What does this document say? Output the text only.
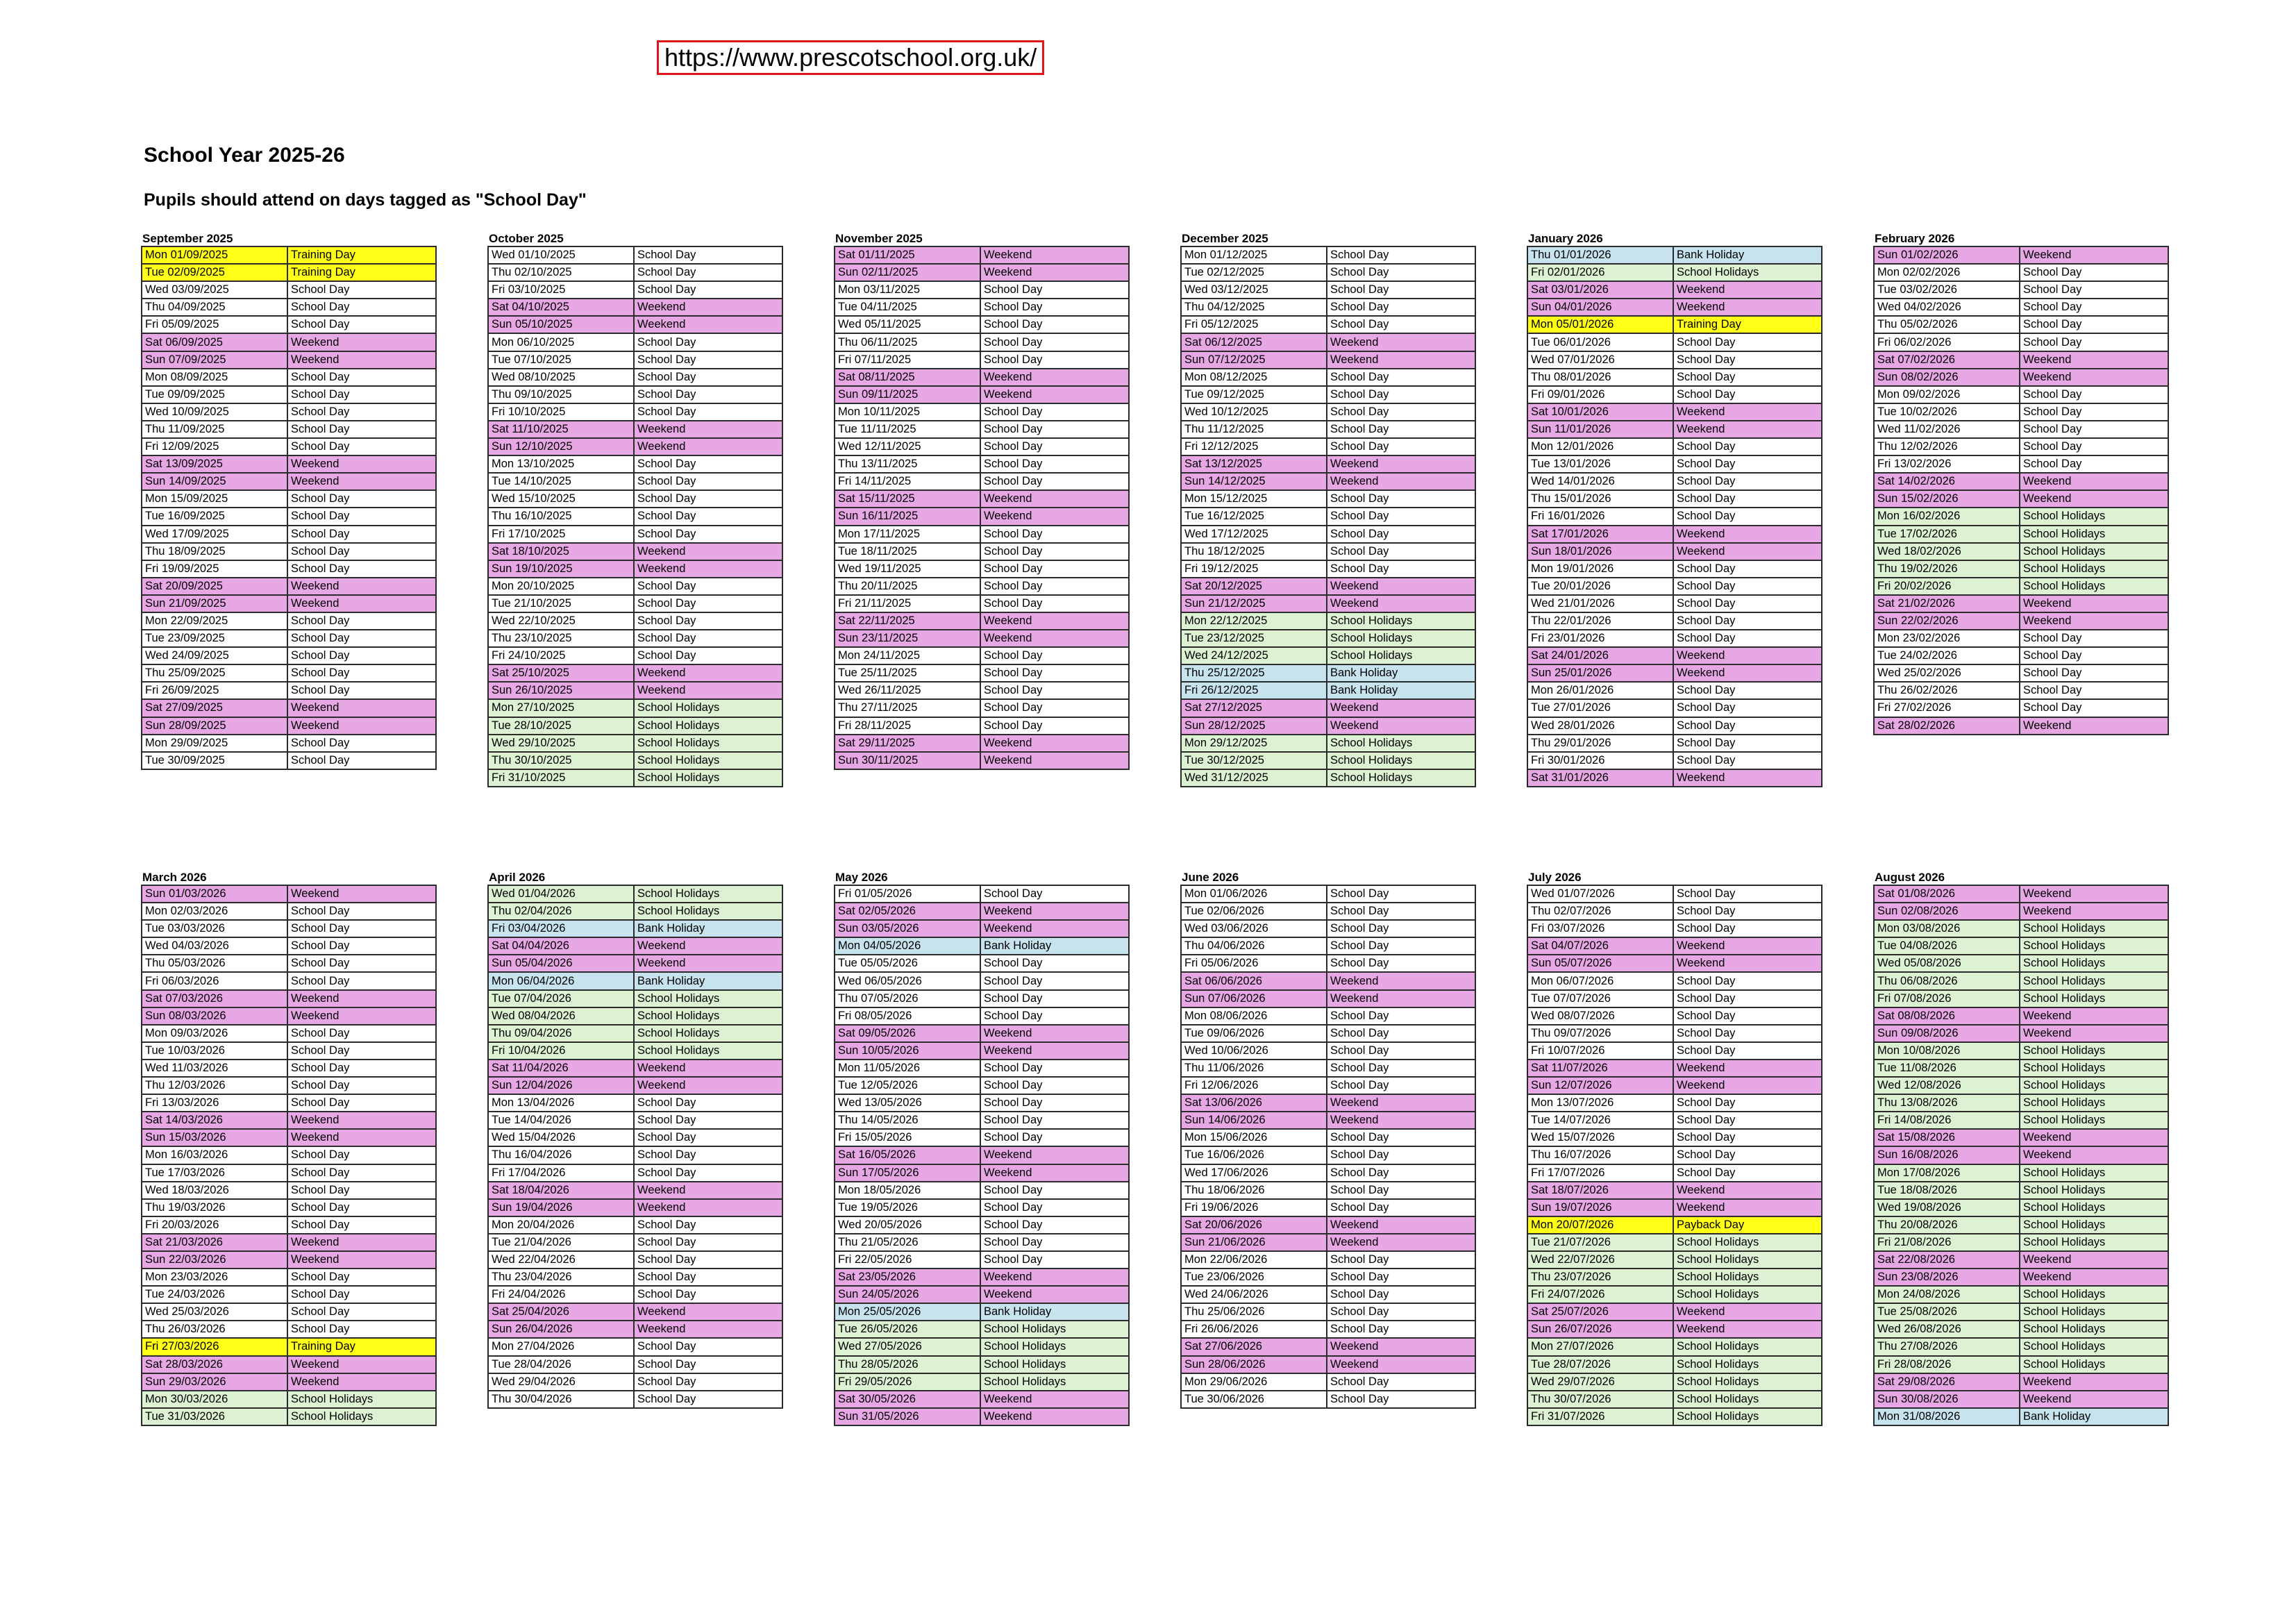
https://www.prescotschool.org.uk/
School Year 2025-26
Pupils should attend on days tagged as "School Day"
September 2025
Mon 01/09/2025	Training Day
Tue 02/09/2025	Training Day
Wed 03/09/2025	School Day
Thu 04/09/2025	School Day
Fri 05/09/2025	School Day
Sat 06/09/2025	Weekend
Sun 07/09/2025	Weekend
Mon 08/09/2025	School Day
Tue 09/09/2025	School Day
Wed 10/09/2025	School Day
Thu 11/09/2025	School Day
Fri 12/09/2025	School Day
Sat 13/09/2025	Weekend
Sun 14/09/2025	Weekend
Mon 15/09/2025	School Day
Tue 16/09/2025	School Day
Wed 17/09/2025	School Day
Thu 18/09/2025	School Day
Fri 19/09/2025	School Day
Sat 20/09/2025	Weekend
Sun 21/09/2025	Weekend
Mon 22/09/2025	School Day
Tue 23/09/2025	School Day
Wed 24/09/2025	School Day
Thu 25/09/2025	School Day
Fri 26/09/2025	School Day
Sat 27/09/2025	Weekend
Sun 28/09/2025	Weekend
Mon 29/09/2025	School Day
Tue 30/09/2025	School Day
October 2025
Wed 01/10/2025	School Day
Thu 02/10/2025	School Day
Fri 03/10/2025	School Day
Sat 04/10/2025	Weekend
Sun 05/10/2025	Weekend
Mon 06/10/2025	School Day
Tue 07/10/2025	School Day
Wed 08/10/2025	School Day
Thu 09/10/2025	School Day
Fri 10/10/2025	School Day
Sat 11/10/2025	Weekend
Sun 12/10/2025	Weekend
Mon 13/10/2025	School Day
Tue 14/10/2025	School Day
Wed 15/10/2025	School Day
Thu 16/10/2025	School Day
Fri 17/10/2025	School Day
Sat 18/10/2025	Weekend
Sun 19/10/2025	Weekend
Mon 20/10/2025	School Day
Tue 21/10/2025	School Day
Wed 22/10/2025	School Day
Thu 23/10/2025	School Day
Fri 24/10/2025	School Day
Sat 25/10/2025	Weekend
Sun 26/10/2025	Weekend
Mon 27/10/2025	School Holidays
Tue 28/10/2025	School Holidays
Wed 29/10/2025	School Holidays
Thu 30/10/2025	School Holidays
Fri 31/10/2025	School Holidays
November 2025
Sat 01/11/2025	Weekend
Sun 02/11/2025	Weekend
Mon 03/11/2025	School Day
Tue 04/11/2025	School Day
Wed 05/11/2025	School Day
Thu 06/11/2025	School Day
Fri 07/11/2025	School Day
Sat 08/11/2025	Weekend
Sun 09/11/2025	Weekend
Mon 10/11/2025	School Day
Tue 11/11/2025	School Day
Wed 12/11/2025	School Day
Thu 13/11/2025	School Day
Fri 14/11/2025	School Day
Sat 15/11/2025	Weekend
Sun 16/11/2025	Weekend
Mon 17/11/2025	School Day
Tue 18/11/2025	School Day
Wed 19/11/2025	School Day
Thu 20/11/2025	School Day
Fri 21/11/2025	School Day
Sat 22/11/2025	Weekend
Sun 23/11/2025	Weekend
Mon 24/11/2025	School Day
Tue 25/11/2025	School Day
Wed 26/11/2025	School Day
Thu 27/11/2025	School Day
Fri 28/11/2025	School Day
Sat 29/11/2025	Weekend
Sun 30/11/2025	Weekend
December 2025
Mon 01/12/2025	School Day
Tue 02/12/2025	School Day
Wed 03/12/2025	School Day
Thu 04/12/2025	School Day
Fri 05/12/2025	School Day
Sat 06/12/2025	Weekend
Sun 07/12/2025	Weekend
Mon 08/12/2025	School Day
Tue 09/12/2025	School Day
Wed 10/12/2025	School Day
Thu 11/12/2025	School Day
Fri 12/12/2025	School Day
Sat 13/12/2025	Weekend
Sun 14/12/2025	Weekend
Mon 15/12/2025	School Day
Tue 16/12/2025	School Day
Wed 17/12/2025	School Day
Thu 18/12/2025	School Day
Fri 19/12/2025	School Day
Sat 20/12/2025	Weekend
Sun 21/12/2025	Weekend
Mon 22/12/2025	School Holidays
Tue 23/12/2025	School Holidays
Wed 24/12/2025	School Holidays
Thu 25/12/2025	Bank Holiday
Fri 26/12/2025	Bank Holiday
Sat 27/12/2025	Weekend
Sun 28/12/2025	Weekend
Mon 29/12/2025	School Holidays
Tue 30/12/2025	School Holidays
Wed 31/12/2025	School Holidays
January 2026
Thu 01/01/2026	Bank Holiday
Fri 02/01/2026	School Holidays
Sat 03/01/2026	Weekend
Sun 04/01/2026	Weekend
Mon 05/01/2026	Training Day
Tue 06/01/2026	School Day
Wed 07/01/2026	School Day
Thu 08/01/2026	School Day
Fri 09/01/2026	School Day
Sat 10/01/2026	Weekend
Sun 11/01/2026	Weekend
Mon 12/01/2026	School Day
Tue 13/01/2026	School Day
Wed 14/01/2026	School Day
Thu 15/01/2026	School Day
Fri 16/01/2026	School Day
Sat 17/01/2026	Weekend
Sun 18/01/2026	Weekend
Mon 19/01/2026	School Day
Tue 20/01/2026	School Day
Wed 21/01/2026	School Day
Thu 22/01/2026	School Day
Fri 23/01/2026	School Day
Sat 24/01/2026	Weekend
Sun 25/01/2026	Weekend
Mon 26/01/2026	School Day
Tue 27/01/2026	School Day
Wed 28/01/2026	School Day
Thu 29/01/2026	School Day
Fri 30/01/2026	School Day
Sat 31/01/2026	Weekend
February 2026
Sun 01/02/2026	Weekend
Mon 02/02/2026	School Day
Tue 03/02/2026	School Day
Wed 04/02/2026	School Day
Thu 05/02/2026	School Day
Fri 06/02/2026	School Day
Sat 07/02/2026	Weekend
Sun 08/02/2026	Weekend
Mon 09/02/2026	School Day
Tue 10/02/2026	School Day
Wed 11/02/2026	School Day
Thu 12/02/2026	School Day
Fri 13/02/2026	School Day
Sat 14/02/2026	Weekend
Sun 15/02/2026	Weekend
Mon 16/02/2026	School Holidays
Tue 17/02/2026	School Holidays
Wed 18/02/2026	School Holidays
Thu 19/02/2026	School Holidays
Fri 20/02/2026	School Holidays
Sat 21/02/2026	Weekend
Sun 22/02/2026	Weekend
Mon 23/02/2026	School Day
Tue 24/02/2026	School Day
Wed 25/02/2026	School Day
Thu 26/02/2026	School Day
Fri 27/02/2026	School Day
Sat 28/02/2026	Weekend
March 2026
Sun 01/03/2026	Weekend
Mon 02/03/2026	School Day
Tue 03/03/2026	School Day
Wed 04/03/2026	School Day
Thu 05/03/2026	School Day
Fri 06/03/2026	School Day
Sat 07/03/2026	Weekend
Sun 08/03/2026	Weekend
Mon 09/03/2026	School Day
Tue 10/03/2026	School Day
Wed 11/03/2026	School Day
Thu 12/03/2026	School Day
Fri 13/03/2026	School Day
Sat 14/03/2026	Weekend
Sun 15/03/2026	Weekend
Mon 16/03/2026	School Day
Tue 17/03/2026	School Day
Wed 18/03/2026	School Day
Thu 19/03/2026	School Day
Fri 20/03/2026	School Day
Sat 21/03/2026	Weekend
Sun 22/03/2026	Weekend
Mon 23/03/2026	School Day
Tue 24/03/2026	School Day
Wed 25/03/2026	School Day
Thu 26/03/2026	School Day
Fri 27/03/2026	Training Day
Sat 28/03/2026	Weekend
Sun 29/03/2026	Weekend
Mon 30/03/2026	School Holidays
Tue 31/03/2026	School Holidays
April 2026
Wed 01/04/2026	School Holidays
Thu 02/04/2026	School Holidays
Fri 03/04/2026	Bank Holiday
Sat 04/04/2026	Weekend
Sun 05/04/2026	Weekend
Mon 06/04/2026	Bank Holiday
Tue 07/04/2026	School Holidays
Wed 08/04/2026	School Holidays
Thu 09/04/2026	School Holidays
Fri 10/04/2026	School Holidays
Sat 11/04/2026	Weekend
Sun 12/04/2026	Weekend
Mon 13/04/2026	School Day
Tue 14/04/2026	School Day
Wed 15/04/2026	School Day
Thu 16/04/2026	School Day
Fri 17/04/2026	School Day
Sat 18/04/2026	Weekend
Sun 19/04/2026	Weekend
Mon 20/04/2026	School Day
Tue 21/04/2026	School Day
Wed 22/04/2026	School Day
Thu 23/04/2026	School Day
Fri 24/04/2026	School Day
Sat 25/04/2026	Weekend
Sun 26/04/2026	Weekend
Mon 27/04/2026	School Day
Tue 28/04/2026	School Day
Wed 29/04/2026	School Day
Thu 30/04/2026	School Day
May 2026
Fri 01/05/2026	School Day
Sat 02/05/2026	Weekend
Sun 03/05/2026	Weekend
Mon 04/05/2026	Bank Holiday
Tue 05/05/2026	School Day
Wed 06/05/2026	School Day
Thu 07/05/2026	School Day
Fri 08/05/2026	School Day
Sat 09/05/2026	Weekend
Sun 10/05/2026	Weekend
Mon 11/05/2026	School Day
Tue 12/05/2026	School Day
Wed 13/05/2026	School Day
Thu 14/05/2026	School Day
Fri 15/05/2026	School Day
Sat 16/05/2026	Weekend
Sun 17/05/2026	Weekend
Mon 18/05/2026	School Day
Tue 19/05/2026	School Day
Wed 20/05/2026	School Day
Thu 21/05/2026	School Day
Fri 22/05/2026	School Day
Sat 23/05/2026	Weekend
Sun 24/05/2026	Weekend
Mon 25/05/2026	Bank Holiday
Tue 26/05/2026	School Holidays
Wed 27/05/2026	School Holidays
Thu 28/05/2026	School Holidays
Fri 29/05/2026	School Holidays
Sat 30/05/2026	Weekend
Sun 31/05/2026	Weekend
June 2026
Mon 01/06/2026	School Day
Tue 02/06/2026	School Day
Wed 03/06/2026	School Day
Thu 04/06/2026	School Day
Fri 05/06/2026	School Day
Sat 06/06/2026	Weekend
Sun 07/06/2026	Weekend
Mon 08/06/2026	School Day
Tue 09/06/2026	School Day
Wed 10/06/2026	School Day
Thu 11/06/2026	School Day
Fri 12/06/2026	School Day
Sat 13/06/2026	Weekend
Sun 14/06/2026	Weekend
Mon 15/06/2026	School Day
Tue 16/06/2026	School Day
Wed 17/06/2026	School Day
Thu 18/06/2026	School Day
Fri 19/06/2026	School Day
Sat 20/06/2026	Weekend
Sun 21/06/2026	Weekend
Mon 22/06/2026	School Day
Tue 23/06/2026	School Day
Wed 24/06/2026	School Day
Thu 25/06/2026	School Day
Fri 26/06/2026	School Day
Sat 27/06/2026	Weekend
Sun 28/06/2026	Weekend
Mon 29/06/2026	School Day
Tue 30/06/2026	School Day
July 2026
Wed 01/07/2026	School Day
Thu 02/07/2026	School Day
Fri 03/07/2026	School Day
Sat 04/07/2026	Weekend
Sun 05/07/2026	Weekend
Mon 06/07/2026	School Day
Tue 07/07/2026	School Day
Wed 08/07/2026	School Day
Thu 09/07/2026	School Day
Fri 10/07/2026	School Day
Sat 11/07/2026	Weekend
Sun 12/07/2026	Weekend
Mon 13/07/2026	School Day
Tue 14/07/2026	School Day
Wed 15/07/2026	School Day
Thu 16/07/2026	School Day
Fri 17/07/2026	School Day
Sat 18/07/2026	Weekend
Sun 19/07/2026	Weekend
Mon 20/07/2026	Payback Day
Tue 21/07/2026	School Holidays
Wed 22/07/2026	School Holidays
Thu 23/07/2026	School Holidays
Fri 24/07/2026	School Holidays
Sat 25/07/2026	Weekend
Sun 26/07/2026	Weekend
Mon 27/07/2026	School Holidays
Tue 28/07/2026	School Holidays
Wed 29/07/2026	School Holidays
Thu 30/07/2026	School Holidays
Fri 31/07/2026	School Holidays
August 2026
Sat 01/08/2026	Weekend
Sun 02/08/2026	Weekend
Mon 03/08/2026	School Holidays
Tue 04/08/2026	School Holidays
Wed 05/08/2026	School Holidays
Thu 06/08/2026	School Holidays
Fri 07/08/2026	School Holidays
Sat 08/08/2026	Weekend
Sun 09/08/2026	Weekend
Mon 10/08/2026	School Holidays
Tue 11/08/2026	School Holidays
Wed 12/08/2026	School Holidays
Thu 13/08/2026	School Holidays
Fri 14/08/2026	School Holidays
Sat 15/08/2026	Weekend
Sun 16/08/2026	Weekend
Mon 17/08/2026	School Holidays
Tue 18/08/2026	School Holidays
Wed 19/08/2026	School Holidays
Thu 20/08/2026	School Holidays
Fri 21/08/2026	School Holidays
Sat 22/08/2026	Weekend
Sun 23/08/2026	Weekend
Mon 24/08/2026	School Holidays
Tue 25/08/2026	School Holidays
Wed 26/08/2026	School Holidays
Thu 27/08/2026	School Holidays
Fri 28/08/2026	School Holidays
Sat 29/08/2026	Weekend
Sun 30/08/2026	Weekend
Mon 31/08/2026	Bank Holiday
